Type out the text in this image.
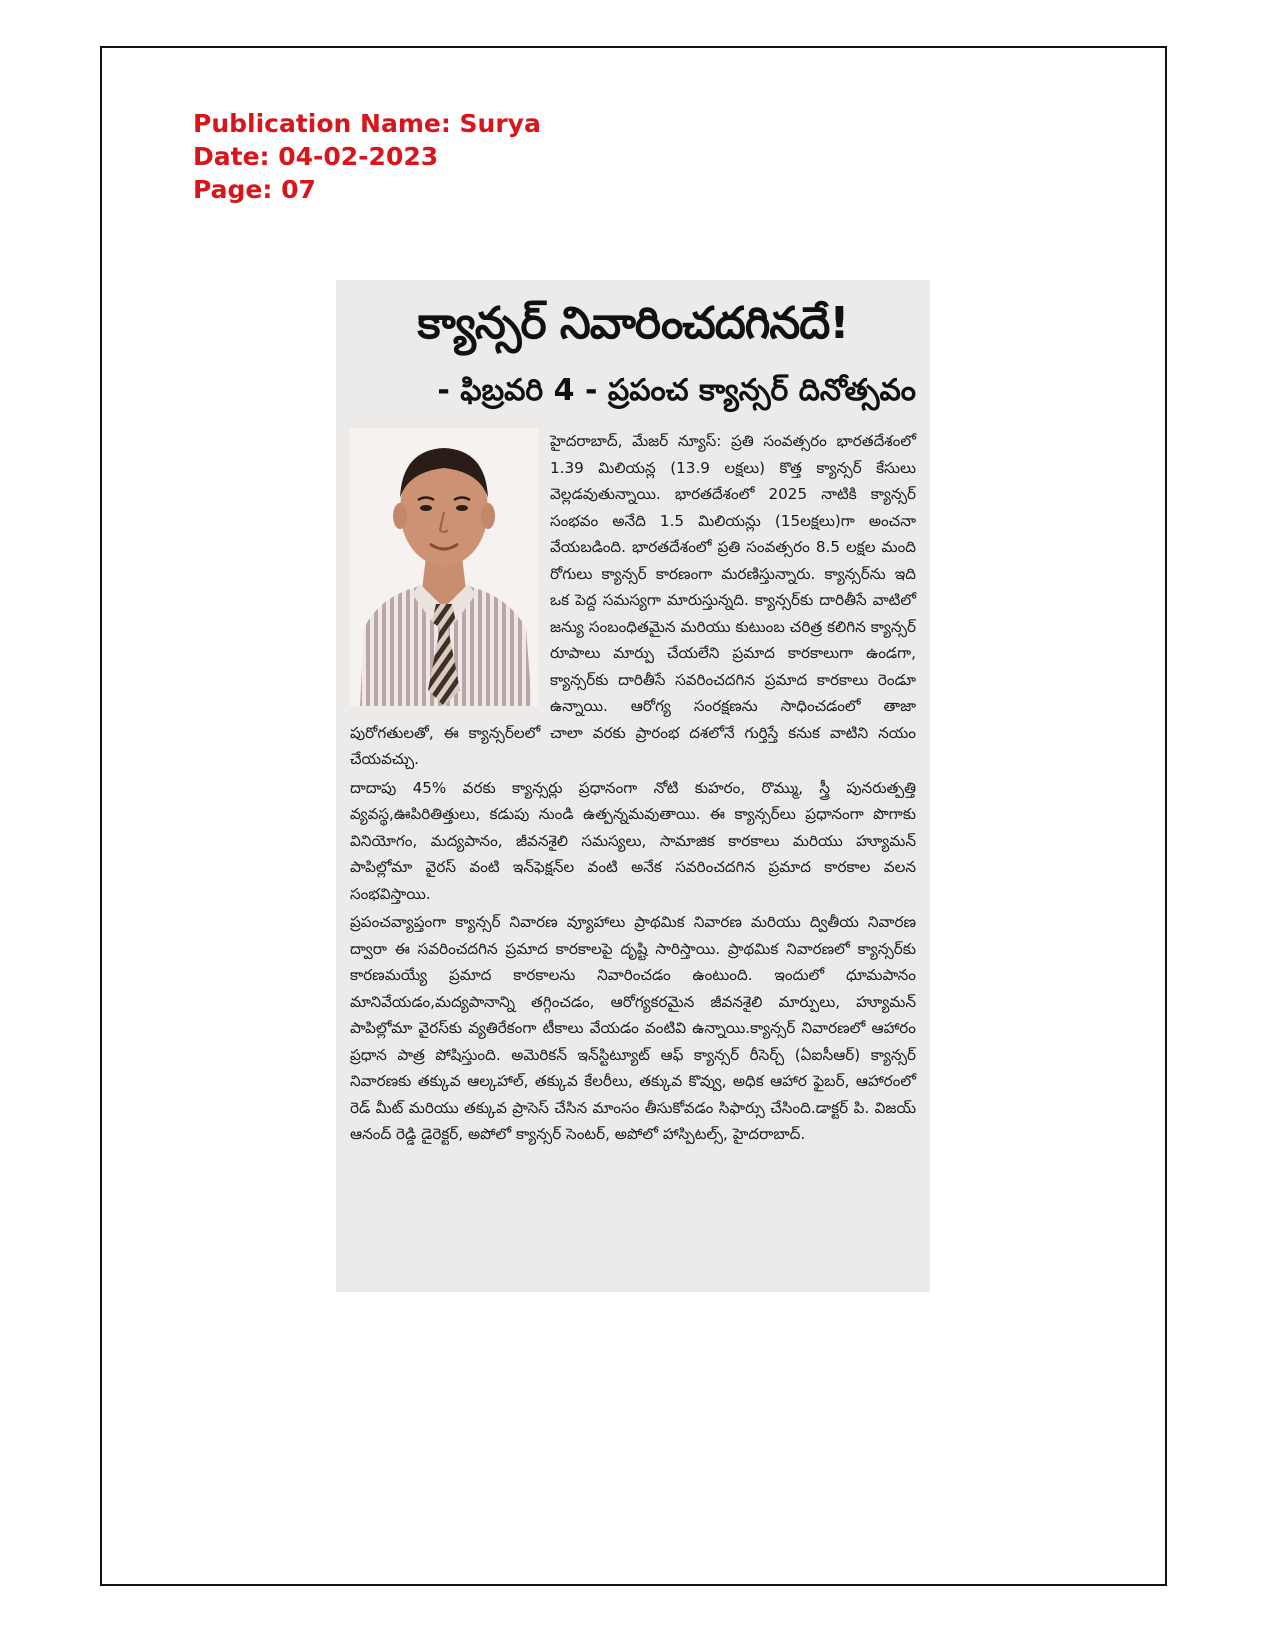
Publication Name: Surya
Date: 04-02-2023
Page: 07
క్యాన్సర్ నివారించదగినదే!
- ఫిబ్రవరి 4 - ప్రపంచ క్యాన్సర్ దినోత్సవం

హైదరాబాద్, మేజర్ న్యూస్: ప్రతి సంవత్సరం భారతదేశంలో 1.39 మిలియన్ల (13.9 లక్షలు) కొత్త క్యాన్సర్ కేసులు వెల్లడవుతున్నాయి. భారతదేశంలో 2025 నాటికి క్యాన్సర్ సంభవం అనేది 1.5 మిలియన్లు (15లక్షలు)గా అంచనా వేయబడింది. భారతదేశంలో ప్రతి సంవత్సరం 8.5 లక్షల మంది రోగులు క్యాన్సర్ కారణంగా మరణిస్తున్నారు. క్యాన్సర్‌ను ఇది ఒక పెద్ద సమస్యగా మారుస్తున్నది. క్యాన్సర్‌కు దారితీసే వాటిలో జన్యు సంబంధితమైన మరియు కుటుంబ చరిత్ర కలిగిన క్యాన్సర్ రూపాలు మార్పు చేయలేని ప్రమాద కారకాలుగా ఉండగా, క్యాన్సర్‌కు దారితీసే సవరించదగిన ప్రమాద కారకాలు రెండూ ఉన్నాయి. ఆరోగ్య సంరక్షణను సాధించడంలో తాజా పురోగతులతో, ఈ క్యాన్సర్‌లలో చాలా వరకు ప్రారంభ దశలోనే గుర్తిస్తే కనుక వాటిని నయం చేయవచ్చు.

దాదాపు 45% వరకు క్యాన్సర్లు ప్రధానంగా నోటి కుహరం, రొమ్ము, స్త్రీ పునరుత్పత్తి వ్యవస్థ,ఊపిరితిత్తులు, కడుపు నుండి ఉత్పన్నమవుతాయి. ఈ క్యాన్సర్‌లు ప్రధానంగా పొగాకు వినియోగం, మద్యపానం, జీవనశైలి సమస్యలు, సామాజిక కారకాలు మరియు హ్యూమన్ పాపిల్లోమా వైరస్ వంటి ఇన్‌ఫెక్షన్‌ల వంటి అనేక సవరించదగిన ప్రమాద కారకాల వలన సంభవిస్తాయి.

ప్రపంచవ్యాప్తంగా క్యాన్సర్ నివారణ వ్యూహాలు ప్రాథమిక నివారణ మరియు ద్వితీయ నివారణ ద్వారా ఈ సవరించదగిన ప్రమాద కారకాలపై దృష్టి సారిస్తాయి. ప్రాథమిక నివారణలో క్యాన్సర్‌కు కారణమయ్యే ప్రమాద కారకాలను నివారించడం ఉంటుంది. ఇందులో ధూమపానం మానివేయడం,మద్యపానాన్ని తగ్గించడం, ఆరోగ్యకరమైన జీవనశైలి మార్పులు, హ్యూమన్ పాపిల్లోమా వైరస్‌కు వ్యతిరేకంగా టీకాలు వేయడం వంటివి ఉన్నాయి.క్యాన్సర్ నివారణలో ఆహారం ప్రధాన పాత్ర పోషిస్తుంది. అమెరికన్ ఇన్‌స్టిట్యూట్ ఆఫ్ క్యాన్సర్ రీసెర్చ్ (ఏఐసీఆర్) క్యాన్సర్ నివారణకు తక్కువ ఆల్కహాల్, తక్కువ కేలరీలు, తక్కువ కొవ్వు, అధిక ఆహార ఫైబర్, ఆహారంలో రెడ్ మీట్ మరియు తక్కువ ప్రాసెస్ చేసిన మాంసం తీసుకోవడం సిఫార్సు చేసింది.డాక్టర్ పి. విజయ్ ఆనంద్ రెడ్డి డైరెక్టర్, అపోలో క్యాన్సర్ సెంటర్, అపోలో హాస్పిటల్స్, హైదరాబాద్.
